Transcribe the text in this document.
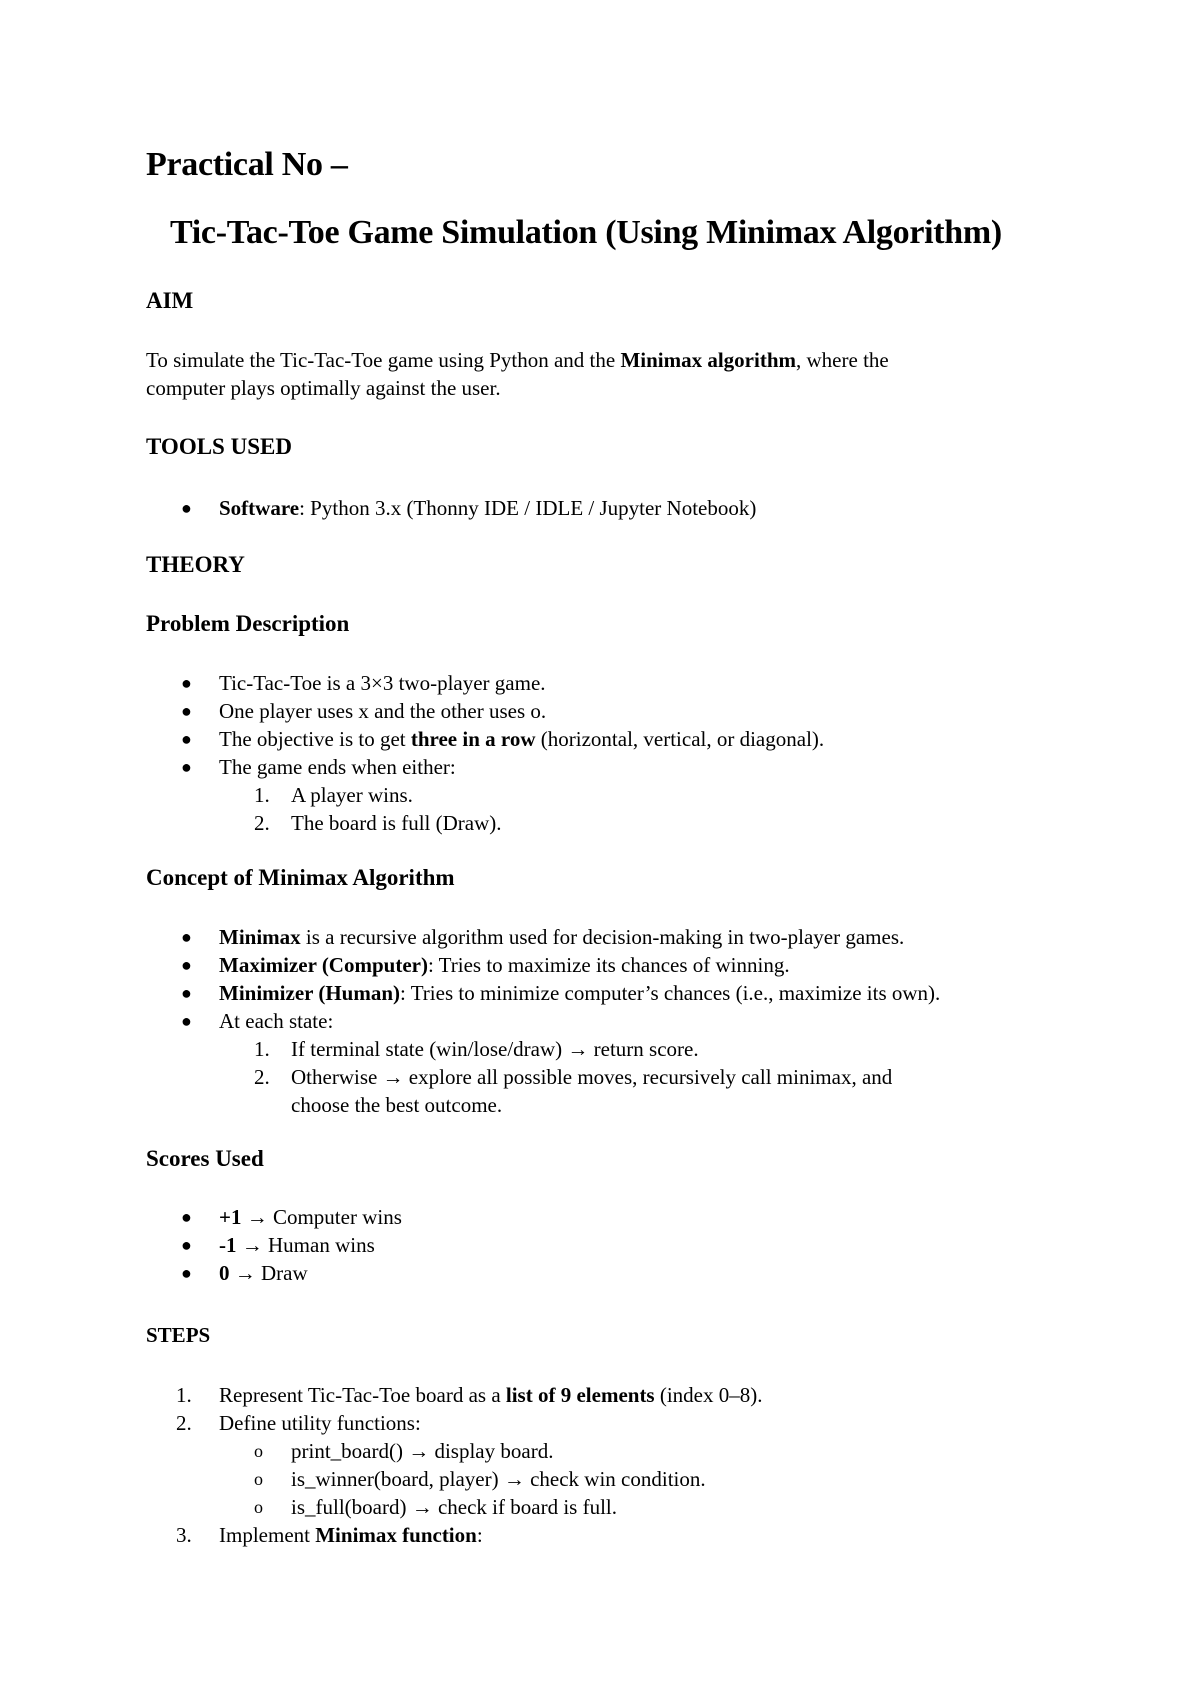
Practical No –
Tic-Tac-Toe Game Simulation (Using Minimax Algorithm)
AIM

To simulate the Tic-Tac-Toe game using Python and the Minimax algorithm, where the
computer plays optimally against the user.

TOOLS USED
● Software: Python 3.x (Thonny IDE / IDLE / Jupyter Notebook)
THEORY
Problem Description
● Tic-Tac-Toe is a 3×3 two-player game.
● One player uses x and the other uses o.
● The objective is to get three in a row (horizontal, vertical, or diagonal).
● The game ends when either:
1.	A player wins.
2.	The board is full (Draw).
Concept of Minimax Algorithm
● Minimax is a recursive algorithm used for decision-making in two-player games.
● Maximizer (Computer): Tries to maximize its chances of winning.
● Minimizer (Human): Tries to minimize computer’s chances (i.e., maximize its own).
● At each state:
1.	If terminal state (win/lose/draw) → return score.
2.	Otherwise → explore all possible moves, recursively call minimax, and
choose the best outcome.
Scores Used
● +1 → Computer wins
● -1 → Human wins
● 0 → Draw
STEPS
1.	Represent Tic-Tac-Toe board as a list of 9 elements (index 0–8).
2.	Define utility functions:
o print_board() → display board.
o is_winner(board, player) → check win condition.
o is_full(board) → check if board is full.
3.	Implement Minimax function:
